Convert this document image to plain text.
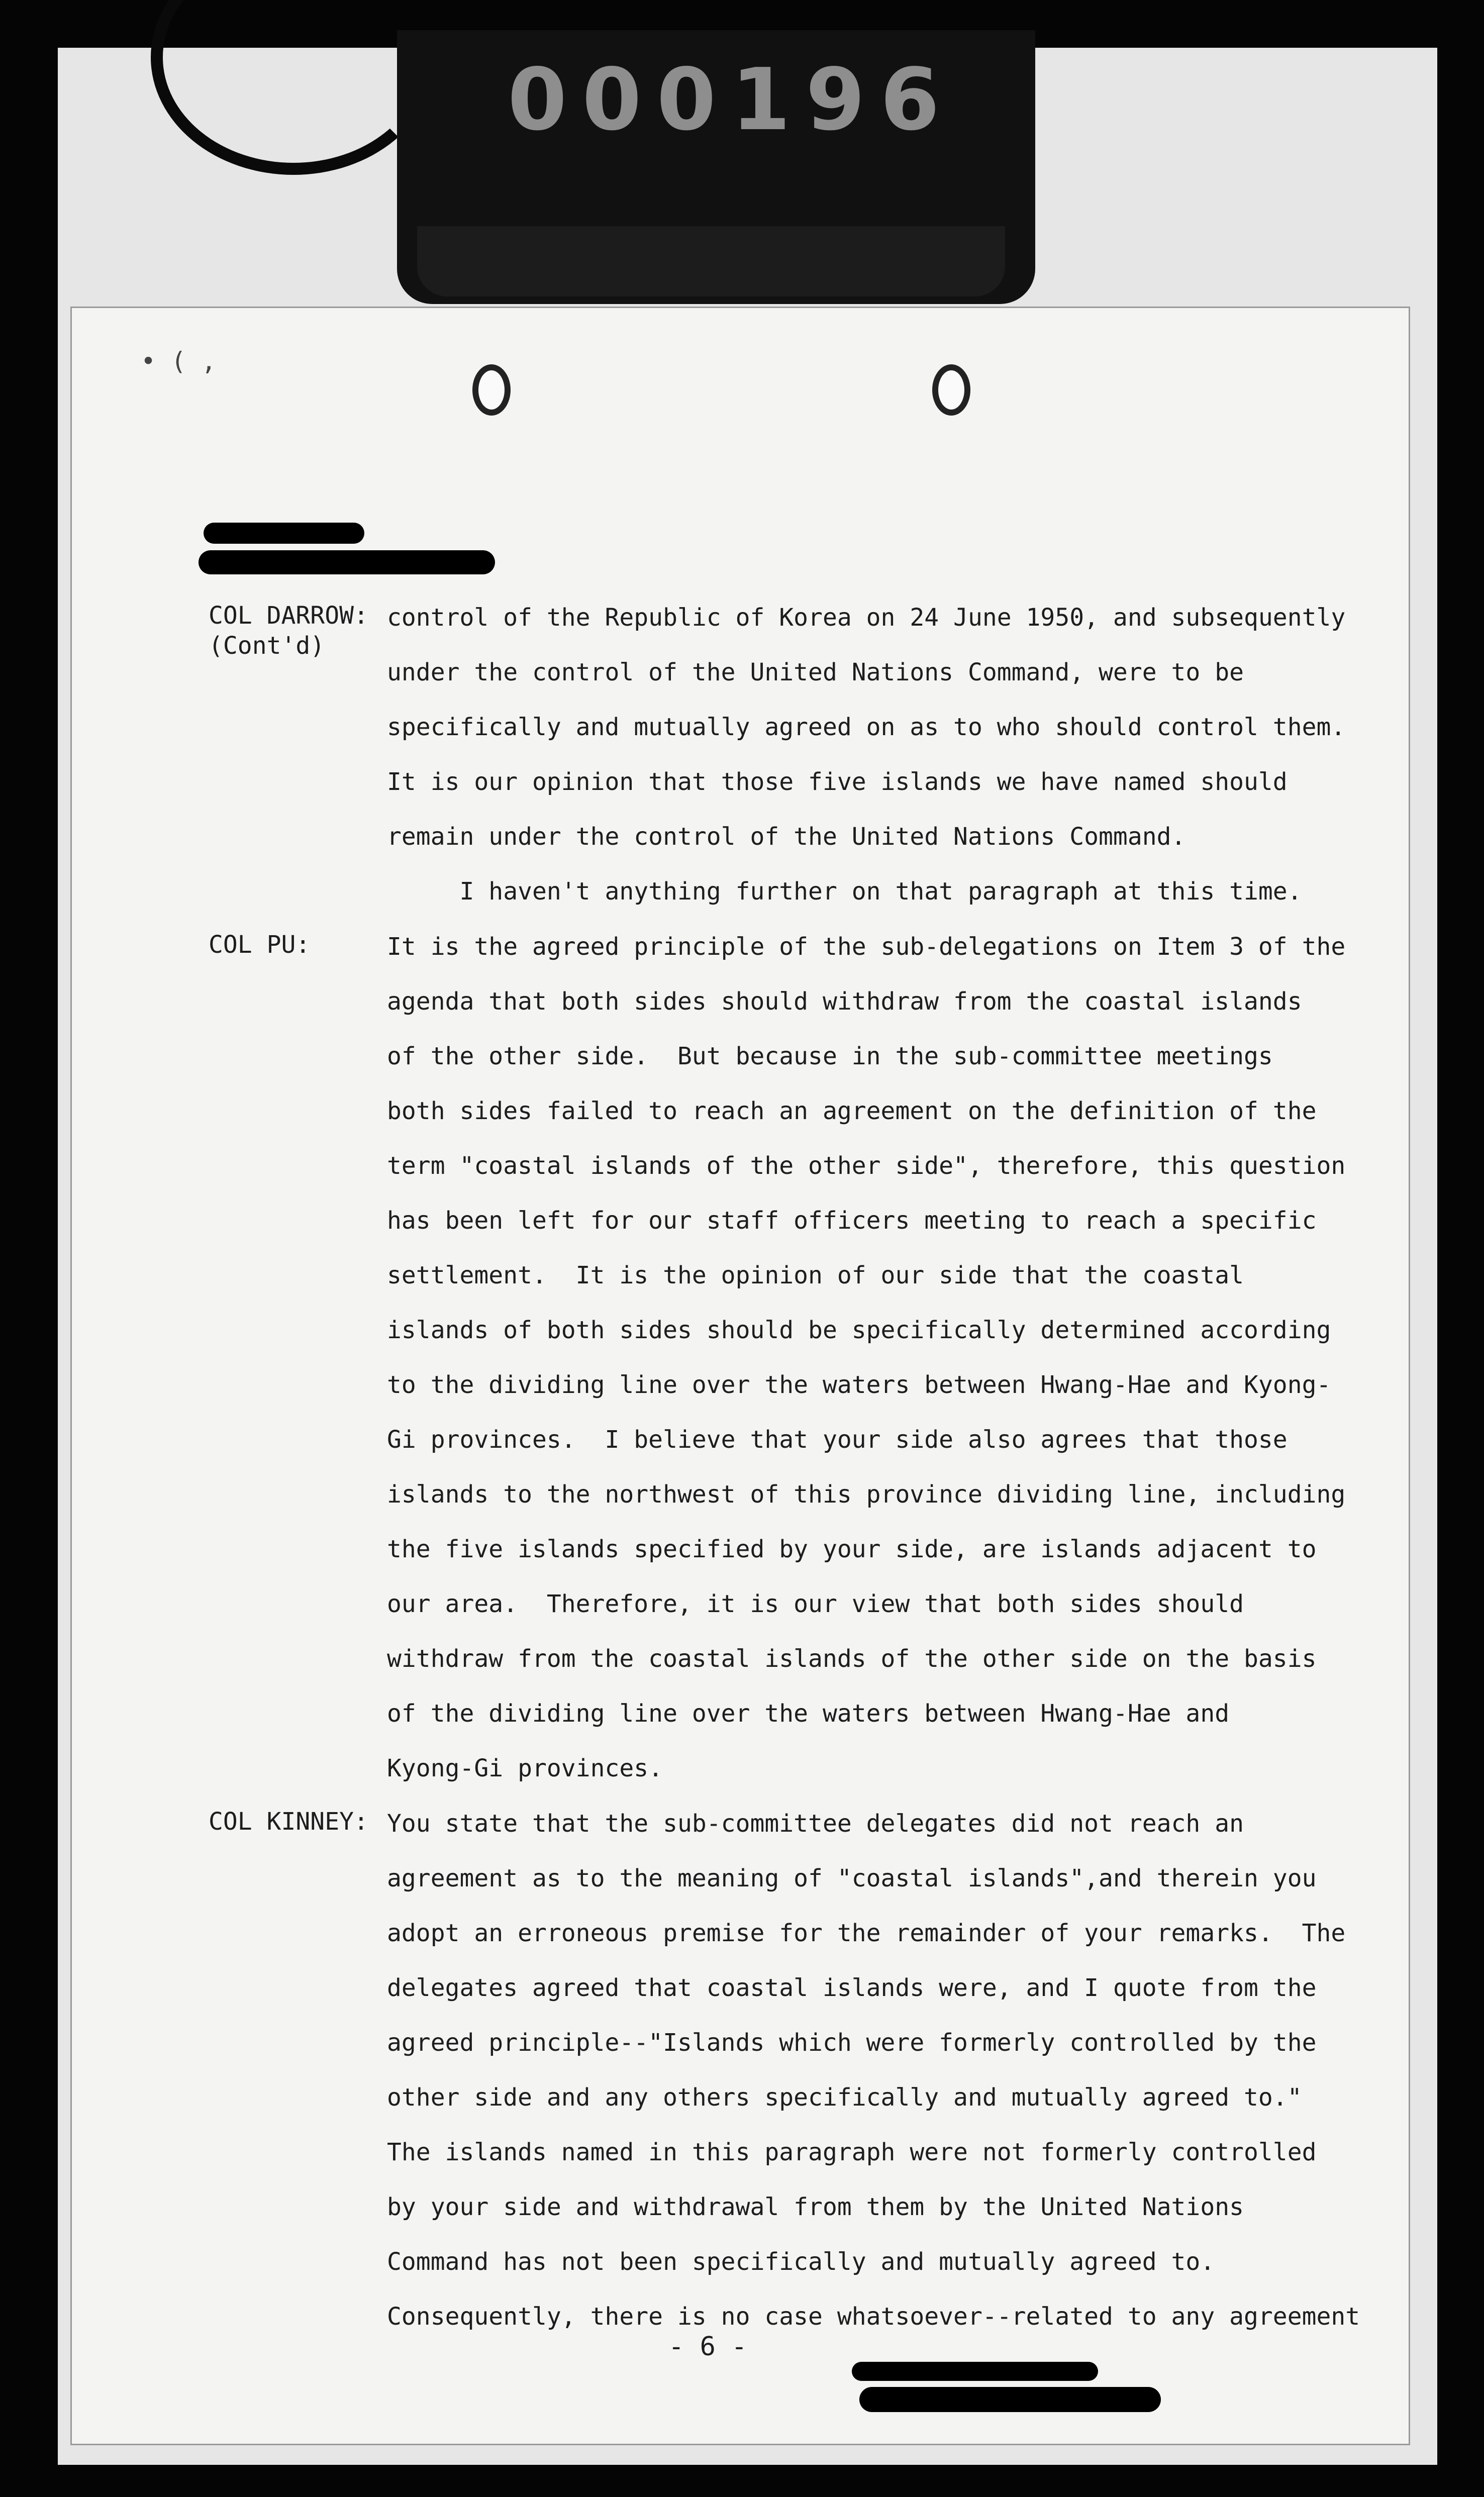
000196
• ( ,
COL DARROW:
(Cont'd)
control of the Republic of Korea on 24 June 1950, and subsequently
under the control of the United Nations Command, were to be
specifically and mutually agreed on as to who should control them.
It is our opinion that those five islands we have named should
remain under the control of the United Nations Command.
I haven't anything further on that paragraph at this time.
COL PU:	It is the agreed principle of the sub-delegations on Item 3 of the
agenda that both sides should withdraw from the coastal islands
of the other side.  But because in the sub-committee meetings
both sides failed to reach an agreement on the definition of the
term "coastal islands of the other side", therefore, this question
has been left for our staff officers meeting to reach a specific
settlement.  It is the opinion of our side that the coastal
islands of both sides should be specifically determined according
to the dividing line over the waters between Hwang-Hae and Kyong-
Gi provinces.  I believe that your side also agrees that those
islands to the northwest of this province dividing line, including
the five islands specified by your side, are islands adjacent to
our area.  Therefore, it is our view that both sides should
withdraw from the coastal islands of the other side on the basis
of the dividing line over the waters between Hwang-Hae and
Kyong-Gi provinces.
COL KINNEY: You state that the sub-committee delegates did not reach an
agreement as to the meaning of "coastal islands",and therein you
adopt an erroneous premise for the remainder of your remarks.  The
delegates agreed that coastal islands were, and I quote from the
agreed principle--"Islands which were formerly controlled by the
other side and any others specifically and mutually agreed to."
The islands named in this paragraph were not formerly controlled
by your side and withdrawal from them by the United Nations
Command has not been specifically and mutually agreed to.
Consequently, there is no case whatsoever--related to any agreement
- 6 -
